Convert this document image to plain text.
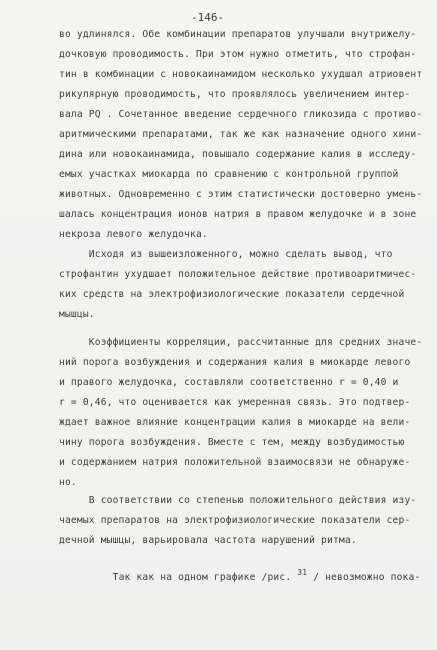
-146-
во удлинялся. Обе комбинации препаратов улучшали внутрижелу-
дочковую проводимость. При этом нужно отметить, что строфан-
тин в комбинации с новокаинамидом несколько ухудшал атриовент
рикулярную проводимость, что проявлялось увеличением интер-
вала PQ . Сочетанное введение сердечного гликозида с противо-
аритмическими препаратами, так же как назначение одного хини-
дина или новокаинамида, повышало содержание калия в исследу-
емых участках миокарда по сравнению с контрольной группой
животных. Одновременно с этим статистически достоверно умень-
шалась концентрация ионов натрия в правом желудочке и в зоне
некроза левого желудочка.
Исходя из вышеизложенного, можно сделать вывод, что
строфантин ухудшает положительное действие противоаритмичес-
ких средств на электрофизиологические показатели сердечной
мышцы.
Коэффициенты корреляции, рассчитанные для средних значе-
ний порога возбуждения и содержания калия в миокарде левого
и правого желудочка, составляли соответственно r = 0,40 и
r = 0,46, что оценивается как умеренная связь. Это подтвер-
ждает важное влияние концентрации калия в миокарде на вели-
чину порога возбуждения. Вместе с тем, между возбудимостью
и содержанием натрия положительной взаимосвязи не обнаруже-
но.
В соответствии со степенью положительного действия изу-
чаемых препаратов на электрофизиологические показатели сер-
дечной мышцы, варьировала частота нарушений ритма.

Так как на одном графике /рис. $^{31}$ / невозможно пока-
